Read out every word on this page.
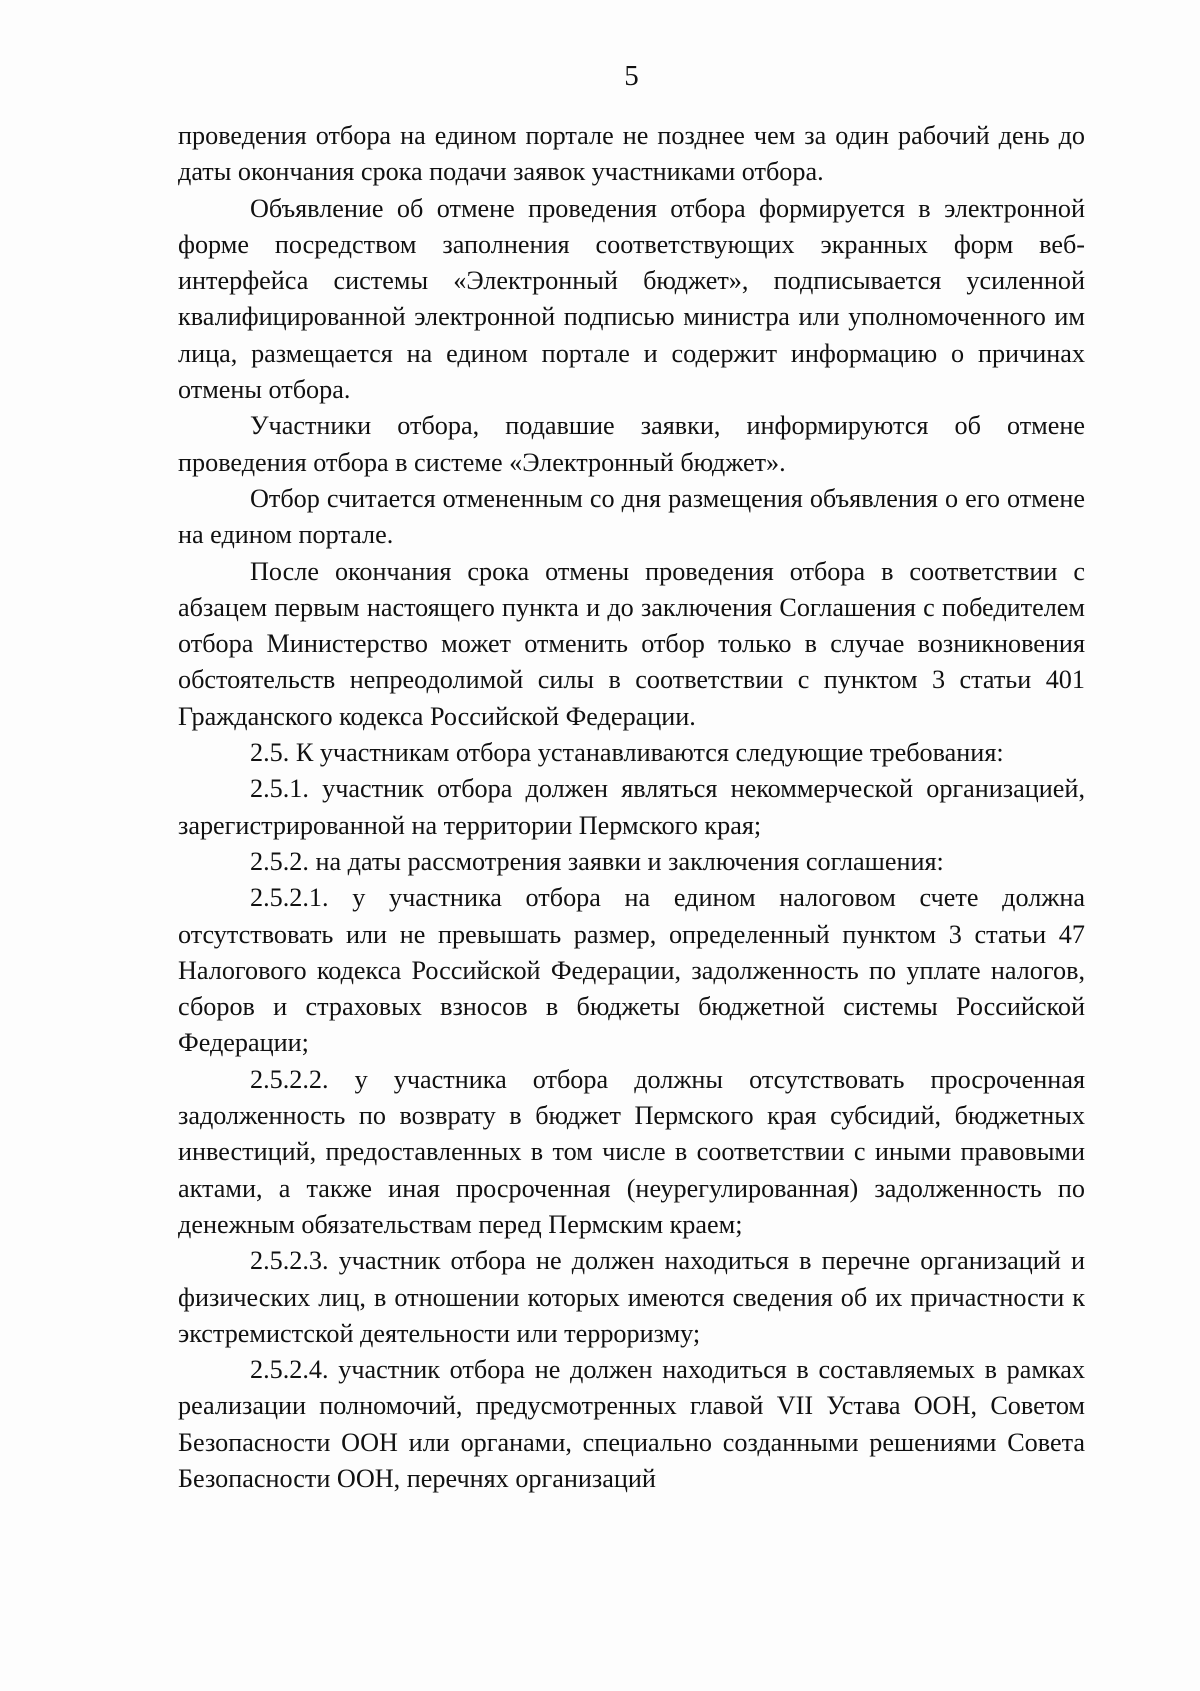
5

проведения отбора на едином портале не позднее чем за один рабочий день до даты окончания срока подачи заявок участниками отбора.

Объявление об отмене проведения отбора формируется в электронной форме посредством заполнения соответствующих экранных форм веб-интерфейса системы «Электронный бюджет», подписывается усиленной квалифицированной электронной подписью министра или уполномоченного им лица, размещается на едином портале и содержит информацию о причинах отмены отбора.

Участники отбора, подавшие заявки, информируются об отмене проведения отбора в системе «Электронный бюджет».

Отбор считается отмененным со дня размещения объявления о его отмене на едином портале.

После окончания срока отмены проведения отбора в соответствии с абзацем первым настоящего пункта и до заключения Соглашения с победителем отбора Министерство может отменить отбор только в случае возникновения обстоятельств непреодолимой силы в соответствии с пунктом 3 статьи 401 Гражданского кодекса Российской Федерации.

2.5. К участникам отбора устанавливаются следующие требования:

2.5.1. участник отбора должен являться некоммерческой организацией, зарегистрированной на территории Пермского края;

2.5.2. на даты рассмотрения заявки и заключения соглашения:

2.5.2.1. у участника отбора на едином налоговом счете должна отсутствовать или не превышать размер, определенный пунктом 3 статьи 47 Налогового кодекса Российской Федерации, задолженность по уплате налогов, сборов и страховых взносов в бюджеты бюджетной системы Российской Федерации;

2.5.2.2. у участника отбора должны отсутствовать просроченная задолженность по возврату в бюджет Пермского края субсидий, бюджетных инвестиций, предоставленных в том числе в соответствии с иными правовыми актами, а также иная просроченная (неурегулированная) задолженность по денежным обязательствам перед Пермским краем;

2.5.2.3. участник отбора не должен находиться в перечне организаций и физических лиц, в отношении которых имеются сведения об их причастности к экстремистской деятельности или терроризму;

2.5.2.4. участник отбора не должен находиться в составляемых в рамках реализации полномочий, предусмотренных главой VII Устава ООН, Советом Безопасности ООН или органами, специально созданными решениями Совета Безопасности ООН, перечнях организаций
